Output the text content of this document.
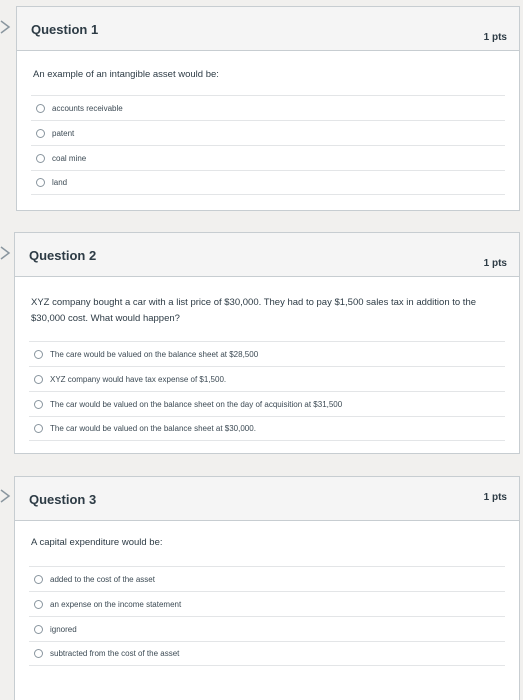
Question 1
1 pts
An example of an intangible asset would be:
accounts receivable
patent
coal mine
land
Question 2
1 pts
XYZ company bought a car with a list price of $30,000. They had to pay $1,500 sales tax in addition to the $30,000 cost. What would happen?
The care would be valued on the balance sheet at $28,500
XYZ company would have tax expense of $1,500.
The car would be valued on the balance sheet on the day of acquisition at $31,500
The car would be valued on the balance sheet at $30,000.
Question 3	1 pts
A capital expenditure would be:
added to the cost of the asset
an expense on the income statement
ignored
subtracted from the cost of the asset
